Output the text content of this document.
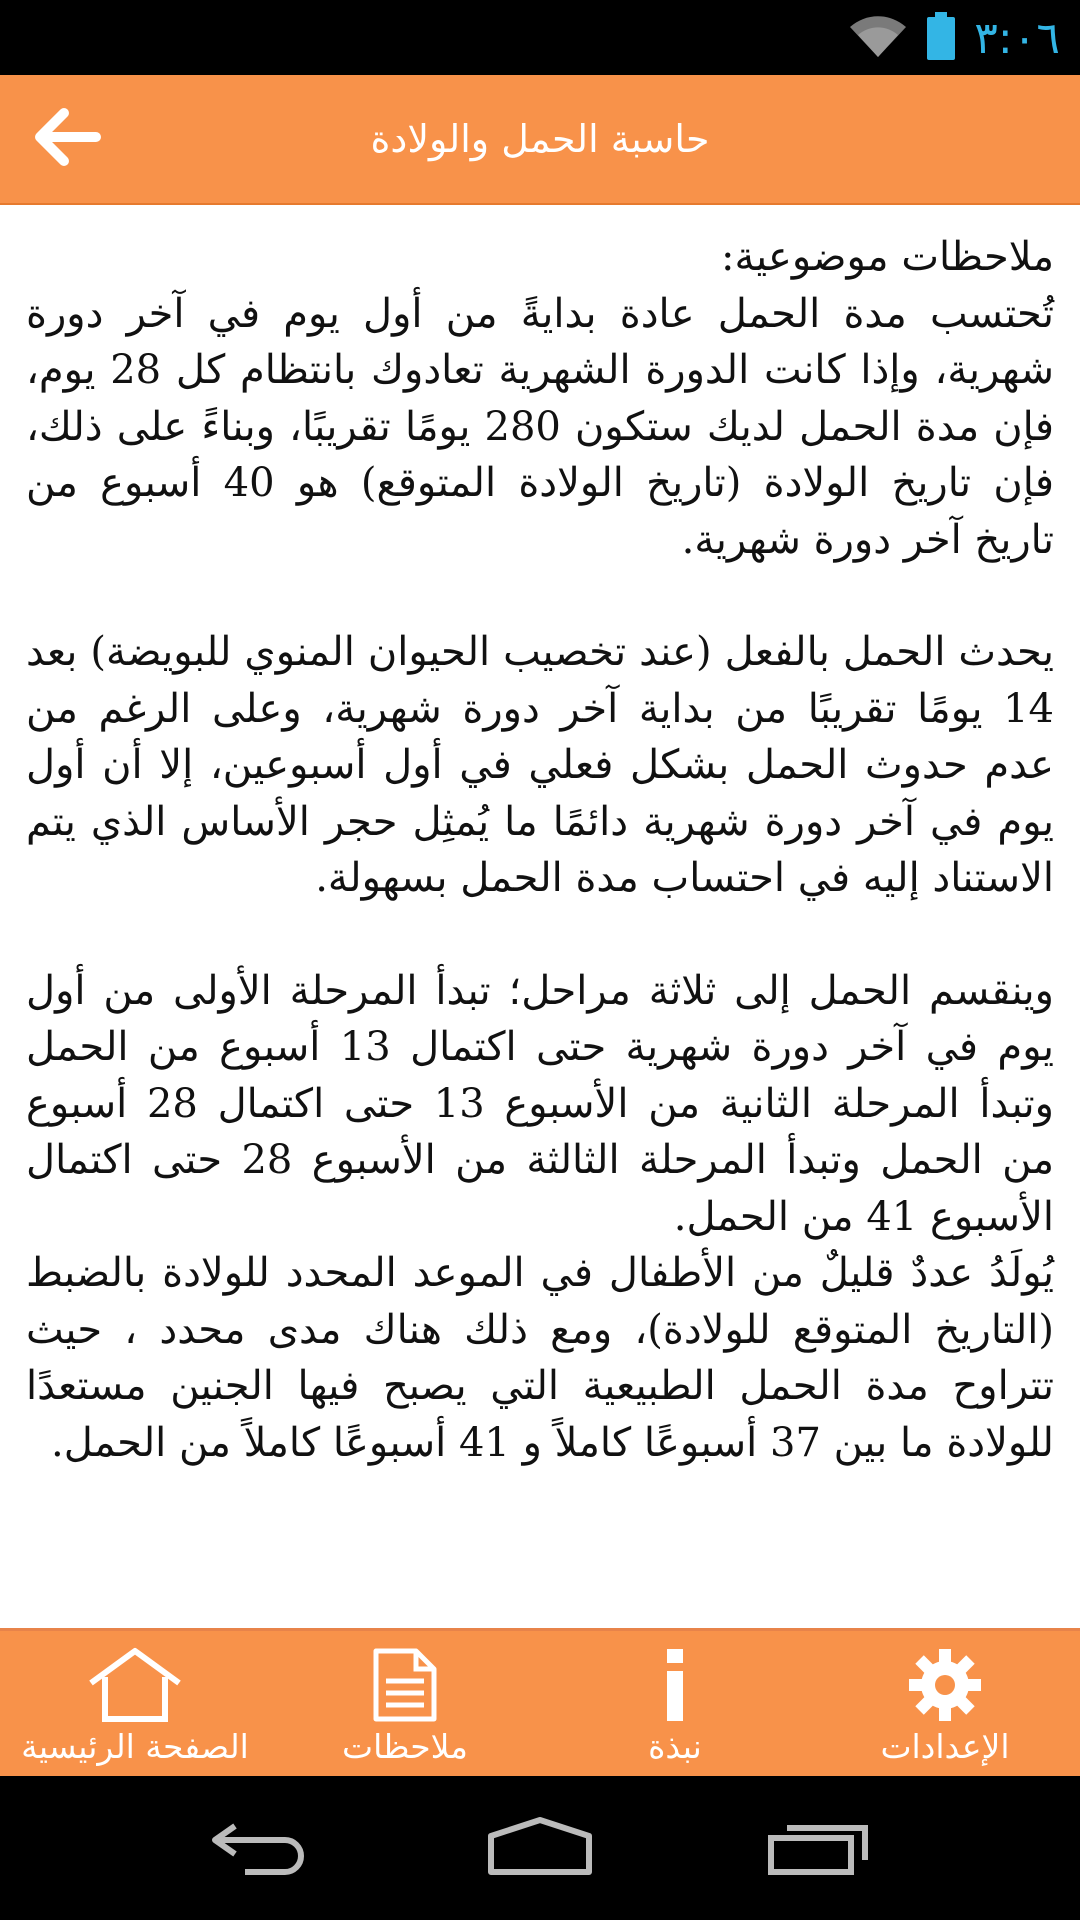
٣:٠٦
حاسبة الحمل والولادة

ملاحظات موضوعية:

تُحتسب مدة الحمل عادة بدايةً من أول يوم في آخر دورة شهرية، وإذا كانت الدورة الشهرية تعادوك بانتظام كل 28 يوم، فإن مدة الحمل لديك ستكون 280 يومًا تقريبًا، وبناءً على ذلك، فإن تاريخ الولادة (تاريخ الولادة المتوقع) هو 40 أسبوع من تاريخ آخر دورة شهرية.

يحدث الحمل بالفعل (عند تخصيب الحيوان المنوي للبويضة) بعد 14 يومًا تقريبًا من بداية آخر دورة شهرية، وعلى الرغم من عدم حدوث الحمل بشكل فعلي في أول أسبوعين، إلا أن أول يوم في آخر دورة شهرية دائمًا ما يُمثِل حجر الأساس الذي يتم الاستناد إليه في احتساب مدة الحمل بسهولة.

وينقسم الحمل إلى ثلاثة مراحل؛ تبدأ المرحلة الأولى من أول يوم في آخر دورة شهرية حتى اكتمال 13 أسبوع من الحمل وتبدأ المرحلة الثانية من الأسبوع 13 حتى اكتمال 28 أسبوع من الحمل وتبدأ المرحلة الثالثة من الأسبوع 28 حتى اكتمال الأسبوع 41 من الحمل.

يُولَدُ عددٌ قليلٌ من الأطفال في الموعد المحدد للولادة بالضبط (التاريخ المتوقع للولادة)، ومع ذلك هناك مدى محدد ، حيث تتراوح مدة الحمل الطبيعية التي يصبح فيها الجنين مستعدًا للولادة ما بين 37 أسبوعًا كاملاً و 41 أسبوعًا كاملاً من الحمل.

الصفحة الرئيسية	ملاحظات	نبذة	الإعدادات
